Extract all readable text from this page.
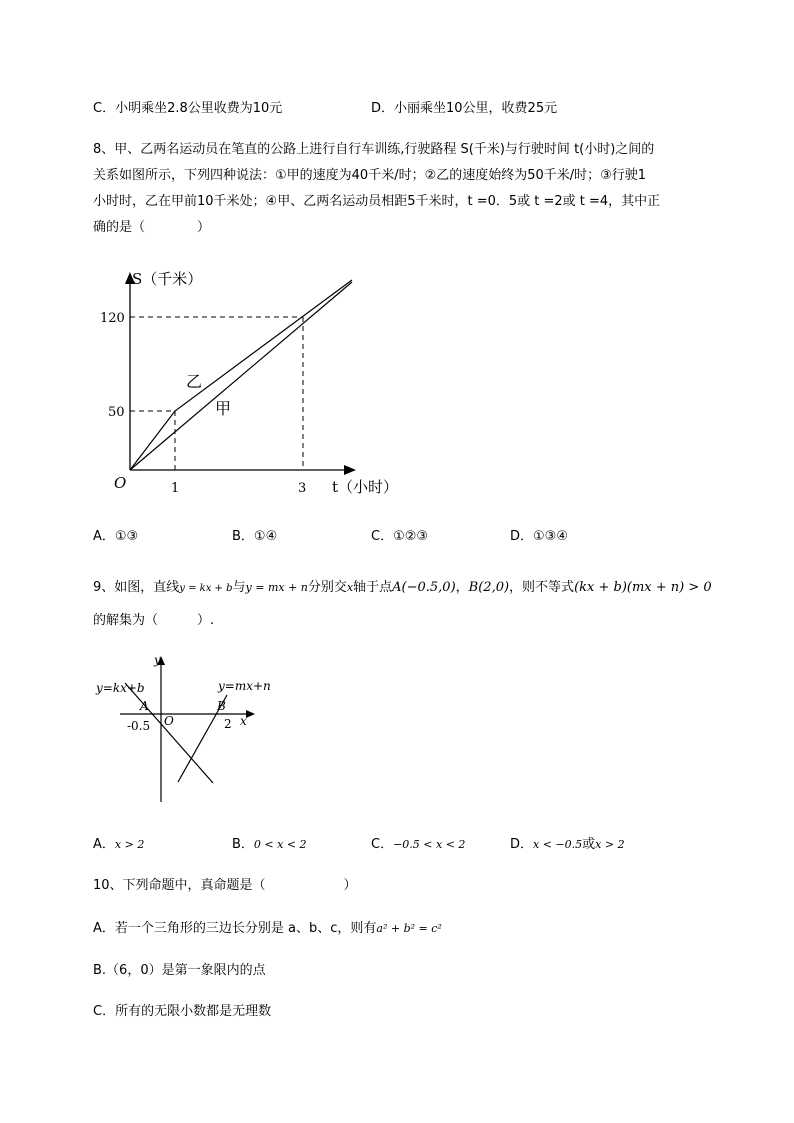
C．小明乘坐2.8公里收费为10元	D．小丽乘坐10公里，收费25元
8、甲、乙两名运动员在笔直的公路上进行自行车训练,行驶路程 S(千米)与行驶时间 t(小时)之间的
关系如图所示，下列四种说法：①甲的速度为40千米/时；②乙的速度始终为50千米/时；③行驶1
小时时，乙在甲前10千米处；④甲、乙两名运动员相距5千米时，t =0．5或 t =2或 t =4，其中正
确的是（　　　　）
S（千米）
120
50
O	1	3 t（小时）
乙
甲
A．①③	B．①④	C．①②③	D．①③④
9、如图，直线y = kx + b与y = mx + n分别交x轴于点A(−0.5,0)，B(2,0)，则不等式(kx + b)(mx + n) > 0
的解集为（　　　）.
y
y=kx+b	y=mx+n
A	B
O
-0.5	2 x
A．x > 2	B．0 < x < 2	C．−0.5 < x < 2	D．x < −0.5或x > 2
10、下列命题中，真命题是（　　　　　　）
A．若一个三角形的三边长分别是 a、b、c，则有a² + b² = c²
B.（6，0）是第一象限内的点
C．所有的无限小数都是无理数
